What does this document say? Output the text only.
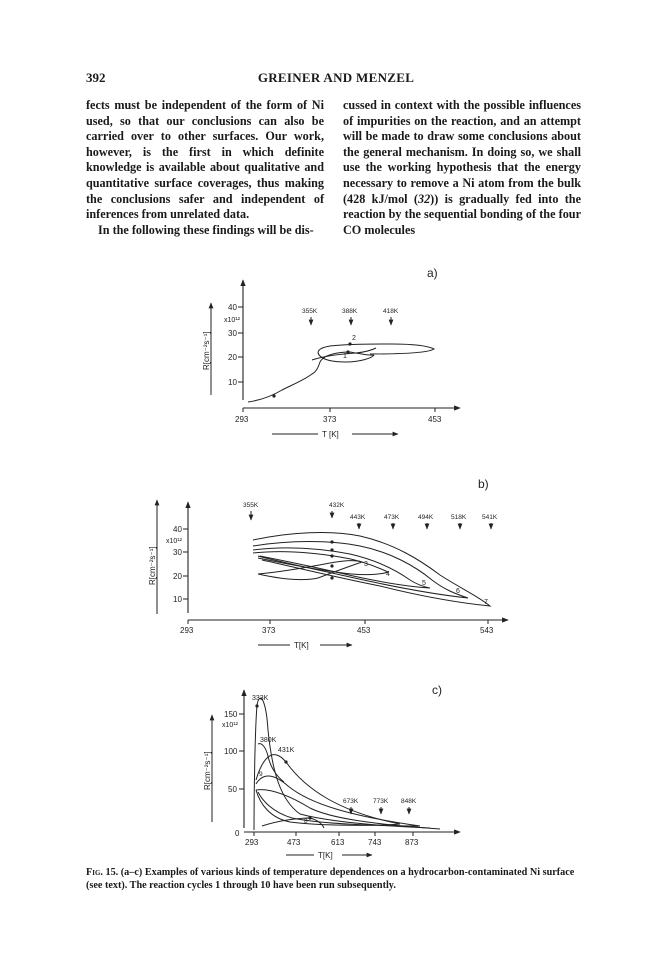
392	GREINER AND MENZEL

fects must be independent of the form of Ni used, so that our conclusions can also be carried over to other surfaces. Our work, however, is the first in which definite knowledge is available about qualitative and quantitative surface coverages, thus making the conclusions safer and independent of inferences from unrelated data.

In the following these findings will be dis-

cussed in context with the possible influences of impurities on the reaction, and an attempt will be made to draw some conclusions about the general mechanism. In doing so, we shall use the working hypothesis that the energy necessary to remove a Ni atom from the bulk (428 kJ/mol (32)) is gradually fed into the reaction by the sequential bonding of the four CO molecules

a)
40
30
20
10
x10¹²
R[cm⁻²s⁻¹]
293	373	453
T [K]
355K	388K	418K
1
2
b)
40
30
20
10
x10¹²
R[cm⁻²s⁻¹]
293	373	453	543
T[K]
355K	432K
443K	473K	494K	518K 541K
3
4
5
6
7
c)
150
100
50
0
x10¹²
R[cm⁻²s⁻¹]
293	473	613	743	873
T[K]
333K
380K
431K
673K 773K 848K
9
8
Fig. 15. (a–c) Examples of various kinds of temperature dependences on a hydrocarbon-contaminated Ni surface (see text). The reaction cycles 1 through 10 have been run subsequently.
